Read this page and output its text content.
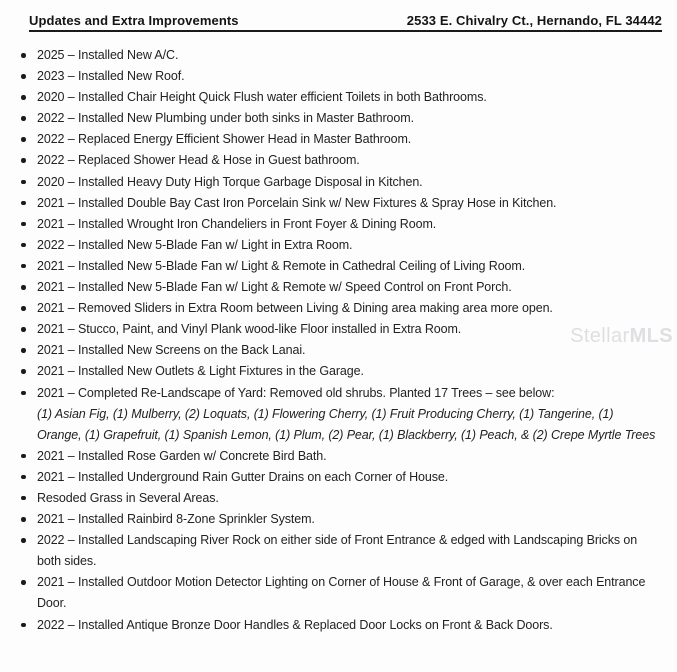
Updates and Extra Improvements	2533 E. Chivalry Ct., Hernando, FL 34442
2025 – Installed New A/C.
2023 – Installed New Roof.
2020 – Installed Chair Height Quick Flush water efficient Toilets in both Bathrooms.
2022 – Installed New Plumbing under both sinks in Master Bathroom.
2022 – Replaced Energy Efficient Shower Head in Master Bathroom.
2022 – Replaced Shower Head & Hose in Guest bathroom.
2020 – Installed Heavy Duty High Torque Garbage Disposal in Kitchen.
2021 – Installed Double Bay Cast Iron Porcelain Sink w/ New Fixtures & Spray Hose in Kitchen.
2021 – Installed Wrought Iron Chandeliers in Front Foyer & Dining Room.
2022 – Installed New 5-Blade Fan w/ Light in Extra Room.
2021 – Installed New 5-Blade Fan w/ Light & Remote in Cathedral Ceiling of Living Room.
2021 – Installed New 5-Blade Fan w/ Light & Remote w/ Speed Control on Front Porch.
2021 – Removed Sliders in Extra Room between Living & Dining area making area more open.
2021 – Stucco, Paint, and Vinyl Plank wood-like Floor installed in Extra Room.
2021 – Installed New Screens on the Back Lanai.
2021 – Installed New Outlets & Light Fixtures in the Garage.
2021 – Completed Re-Landscape of Yard: Removed old shrubs. Planted 17 Trees – see below:
(1) Asian Fig, (1) Mulberry, (2) Loquats, (1) Flowering Cherry, (1) Fruit Producing Cherry, (1) Tangerine, (1) Orange, (1) Grapefruit, (1) Spanish Lemon, (1) Plum, (2) Pear, (1) Blackberry, (1) Peach, & (2) Crepe Myrtle Trees
2021 – Installed Rose Garden w/ Concrete Bird Bath.
2021 – Installed Underground Rain Gutter Drains on each Corner of House.
Resoded Grass in Several Areas.
2021 – Installed Rainbird 8-Zone Sprinkler System.
2022 – Installed Landscaping River Rock on either side of Front Entrance & edged with Landscaping Bricks on both sides.
2021 – Installed Outdoor Motion Detector Lighting on Corner of House & Front of Garage, & over each Entrance Door.
2022 – Installed Antique Bronze Door Handles & Replaced Door Locks on Front & Back Doors.
StellarMLS
